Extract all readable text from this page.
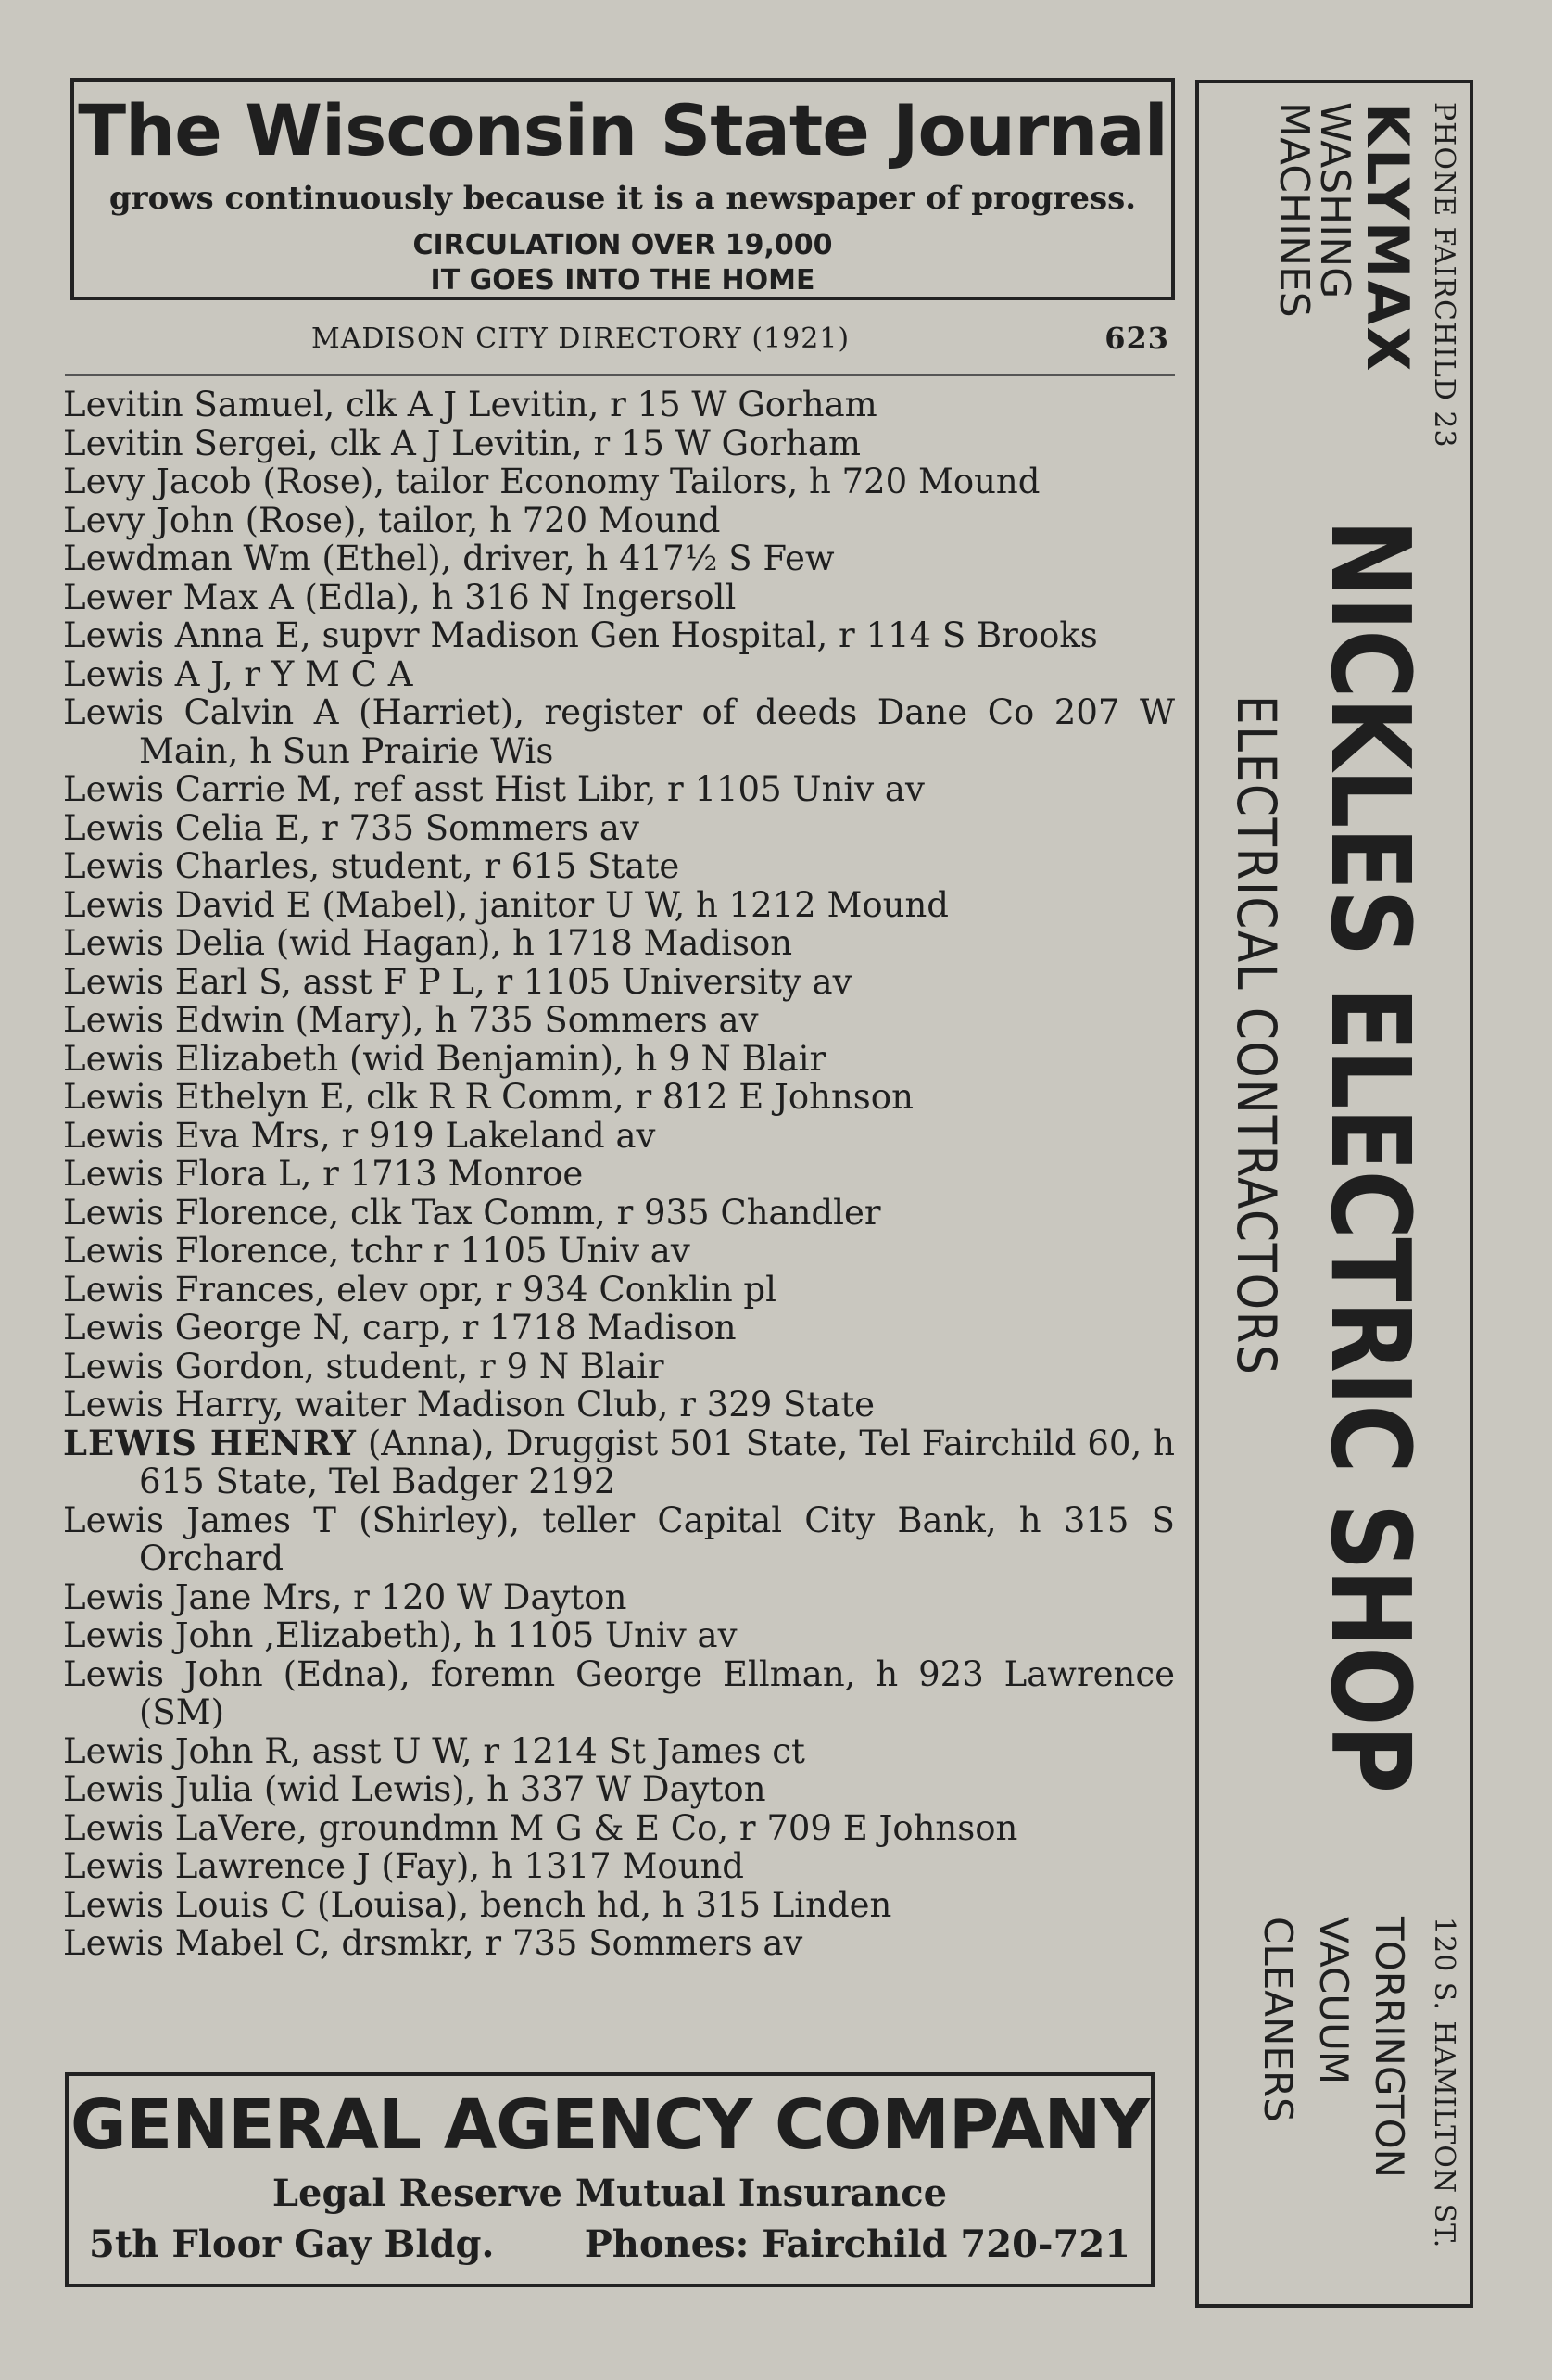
The Wisconsin State Journal
grows continuously because it is a newspaper of progress.
CIRCULATION OVER 19,000
IT GOES INTO THE HOME
MADISON CITY DIRECTORY (1921)	623
Levitin Samuel, clk A J Levitin, r 15 W Gorham
Levitin Sergei, clk A J Levitin, r 15 W Gorham
Levy Jacob (Rose), tailor Economy Tailors, h 720 Mound
Levy John (Rose), tailor, h 720 Mound
Lewdman Wm (Ethel), driver, h 417½ S Few
Lewer Max A (Edla), h 316 N Ingersoll
Lewis Anna E, supvr Madison Gen Hospital, r 114 S Brooks
Lewis A J, r Y M C A
Lewis Calvin A (Harriet), register of deeds Dane Co 207 W Main, h Sun Prairie Wis
Lewis Carrie M, ref asst Hist Libr, r 1105 Univ av
Lewis Celia E, r 735 Sommers av
Lewis Charles, student, r 615 State
Lewis David E (Mabel), janitor U W, h 1212 Mound
Lewis Delia (wid Hagan), h 1718 Madison
Lewis Earl S, asst F P L, r 1105 University av
Lewis Edwin (Mary), h 735 Sommers av
Lewis Elizabeth (wid Benjamin), h 9 N Blair
Lewis Ethelyn E, clk R R Comm, r 812 E Johnson
Lewis Eva Mrs, r 919 Lakeland av
Lewis Flora L, r 1713 Monroe
Lewis Florence, clk Tax Comm, r 935 Chandler
Lewis Florence, tchr r 1105 Univ av
Lewis Frances, elev opr, r 934 Conklin pl
Lewis George N, carp, r 1718 Madison
Lewis Gordon, student, r 9 N Blair
Lewis Harry, waiter Madison Club, r 329 State
LEWIS HENRY (Anna), Druggist 501 State, Tel Fairchild 60, h 615 State, Tel Badger 2192
Lewis James T (Shirley), teller Capital City Bank, h 315 S Orchard
Lewis Jane Mrs, r 120 W Dayton
Lewis John ,Elizabeth), h 1105 Univ av
Lewis John (Edna), foremn George Ellman, h 923 Lawrence (SM)
Lewis John R, asst U W, r 1214 St James ct
Lewis Julia (wid Lewis), h 337 W Dayton
Lewis LaVere, groundmn M G & E Co, r 709 E Johnson
Lewis Lawrence J (Fay), h 1317 Mound
Lewis Louis C (Louisa), bench hd, h 315 Linden
Lewis Mabel C, drsmkr, r 735 Sommers av
GENERAL AGENCY COMPANY
Legal Reserve Mutual Insurance
5th Floor Gay Bldg. Phones: Fairchild 720-721
PHONE FAIRCHILD 23
KLYMAX
WASHING
MACHINES
NICKLES ELECTRIC SHOP
ELECTRICAL CONTRACTORS
120 S. HAMILTON ST.
TORRINGTON
VACUUM
CLEANERS
